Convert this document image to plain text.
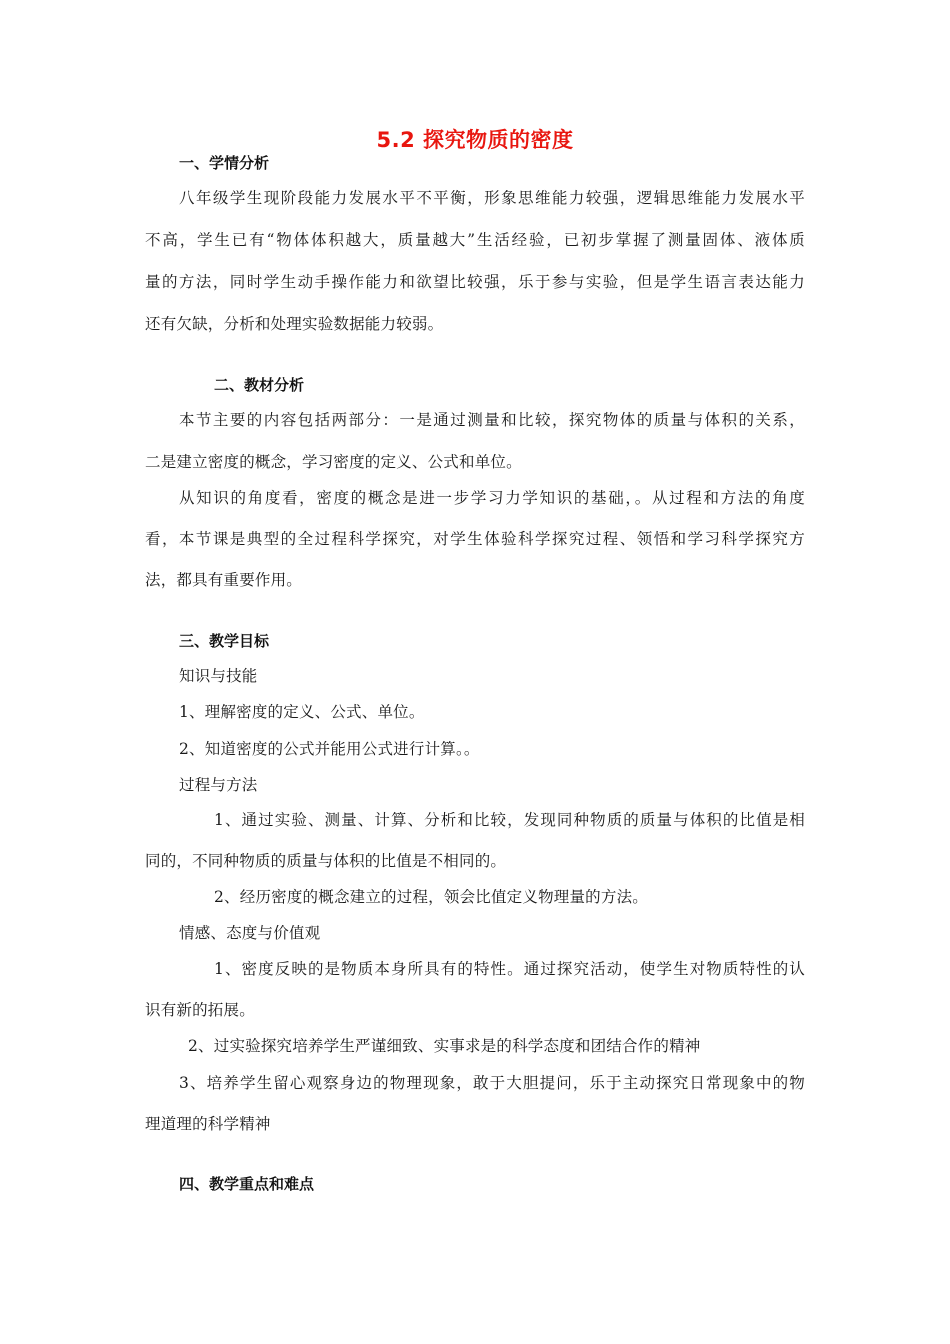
5.2 探究物质的密度
一、学情分析
八年级学生现阶段能力发展水平不平衡，形象思维能力较强，逻辑思维能力发展水平
不高，学生已有“物体体积越大，质量越大”生活经验，已初步掌握了测量固体、液体质
量的方法，同时学生动手操作能力和欲望比较强，乐于参与实验，但是学生语言表达能力
还有欠缺，分析和处理实验数据能力较弱。
二、教材分析
本节主要的内容包括两部分：一是通过测量和比较，探究物体的质量与体积的关系，
二是建立密度的概念，学习密度的定义、公式和单位。
从知识的角度看，密度的概念是进一步学习力学知识的基础，。从过程和方法的角度
看，本节课是典型的全过程科学探究，对学生体验科学探究过程、领悟和学习科学探究方
法，都具有重要作用。
三、教学目标
知识与技能
1、理解密度的定义、公式、单位。
2、知道密度的公式并能用公式进行计算。。
过程与方法
1、通过实验、测量、计算、分析和比较，发现同种物质的质量与体积的比值是相
同的，不同种物质的质量与体积的比值是不相同的。
2、经历密度的概念建立的过程，领会比值定义物理量的方法。
情感、态度与价值观
1、密度反映的是物质本身所具有的特性。通过探究活动，使学生对物质特性的认
识有新的拓展。
2、过实验探究培养学生严谨细致、实事求是的科学态度和团结合作的精神
3、培养学生留心观察身边的物理现象，敢于大胆提问，乐于主动探究日常现象中的物
理道理的科学精神
四、教学重点和难点
